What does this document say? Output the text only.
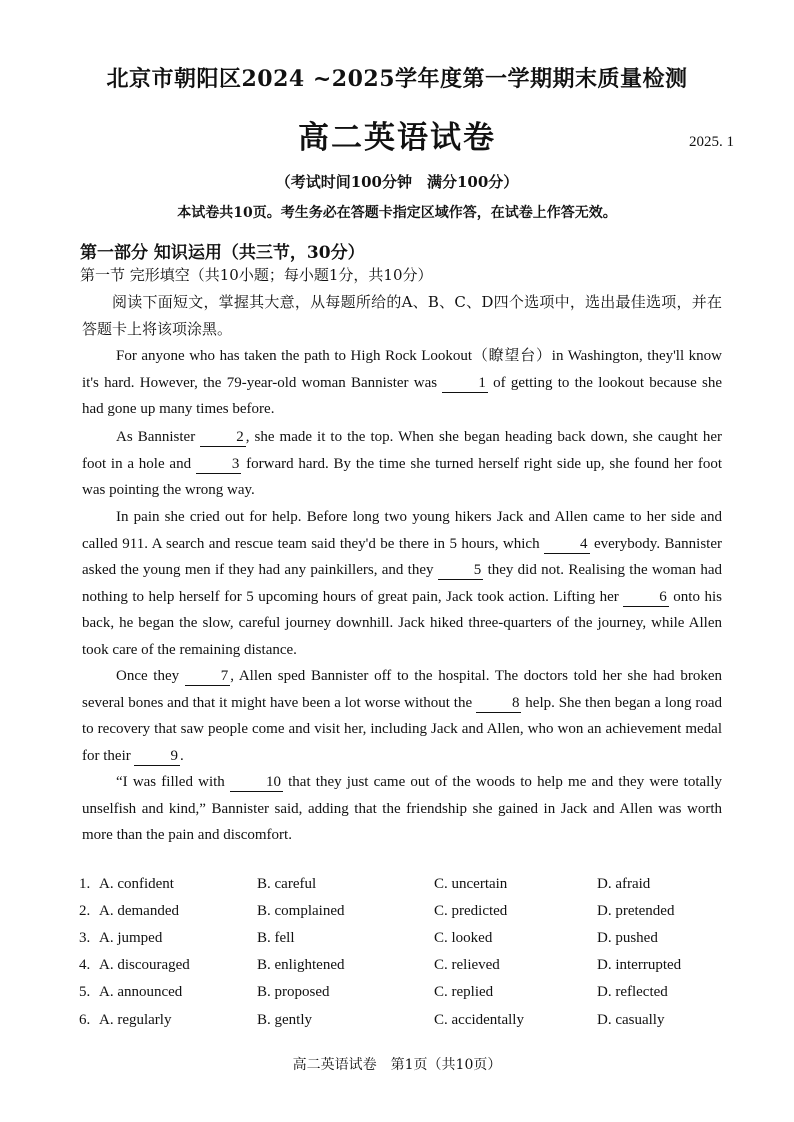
北京市朝阳区2024 ~2025学年度第一学期期末质量检测
高二英语试卷	2025. 1
（考试时间100分钟　满分100分）
本试卷共10页。考生务必在答题卡指定区域作答，在试卷上作答无效。
第一部分 知识运用（共三节，30分）
第一节 完形填空（共10小题；每小题1分，共10分）
阅读下面短文，掌握其大意，从每题所给的A、B、C、D四个选项中，选出最佳选项，并在答题卡上将该项涂黑。
For anyone who has taken the path to High Rock Lookout（瞭望台）in Washington, they'll know it's hard. However, the 79-year-old woman Bannister was 1 of getting to the lookout because she had gone up many times before.
As Bannister 2 , she made it to the top. When she began heading back down, she caught her foot in a hole and 3 forward hard. By the time she turned herself right side up, she found her foot was pointing the wrong way.
In pain she cried out for help. Before long two young hikers Jack and Allen came to her side and called 911. A search and rescue team said they'd be there in 5 hours, which 4 everybody. Bannister asked the young men if they had any painkillers, and they 5 they did not. Realising the woman had nothing to help herself for 5 upcoming hours of great pain, Jack took action. Lifting her 6 onto his back, he began the slow, careful journey downhill. Jack hiked three-quarters of the journey, while Allen took care of the remaining distance.
Once they 7 , Allen sped Bannister off to the hospital. The doctors told her she had broken several bones and that it might have been a lot worse without the 8 help. She then began a long road to recovery that saw people come and visit her, including Jack and Allen, who won an achievement medal for their 9 .
“I was filled with 10 that they just came out of the woods to help me and they were totally unselfish and kind,” Bannister said, adding that the friendship she gained in Jack and Allen was worth more than the pain and discomfort.
1. A. confident	B. careful	C. uncertain	D. afraid
2. A. demanded	B. complained	C. predicted	D. pretended
3. A. jumped	B. fell	C. looked	D. pushed
4. A. discouraged	B. enlightened	C. relieved	D. interrupted
5. A. announced	B. proposed	C. replied	D. reflected
6. A. regularly	B. gently	C. accidentally	D. casually
高二英语试卷　第1页（共10页）
